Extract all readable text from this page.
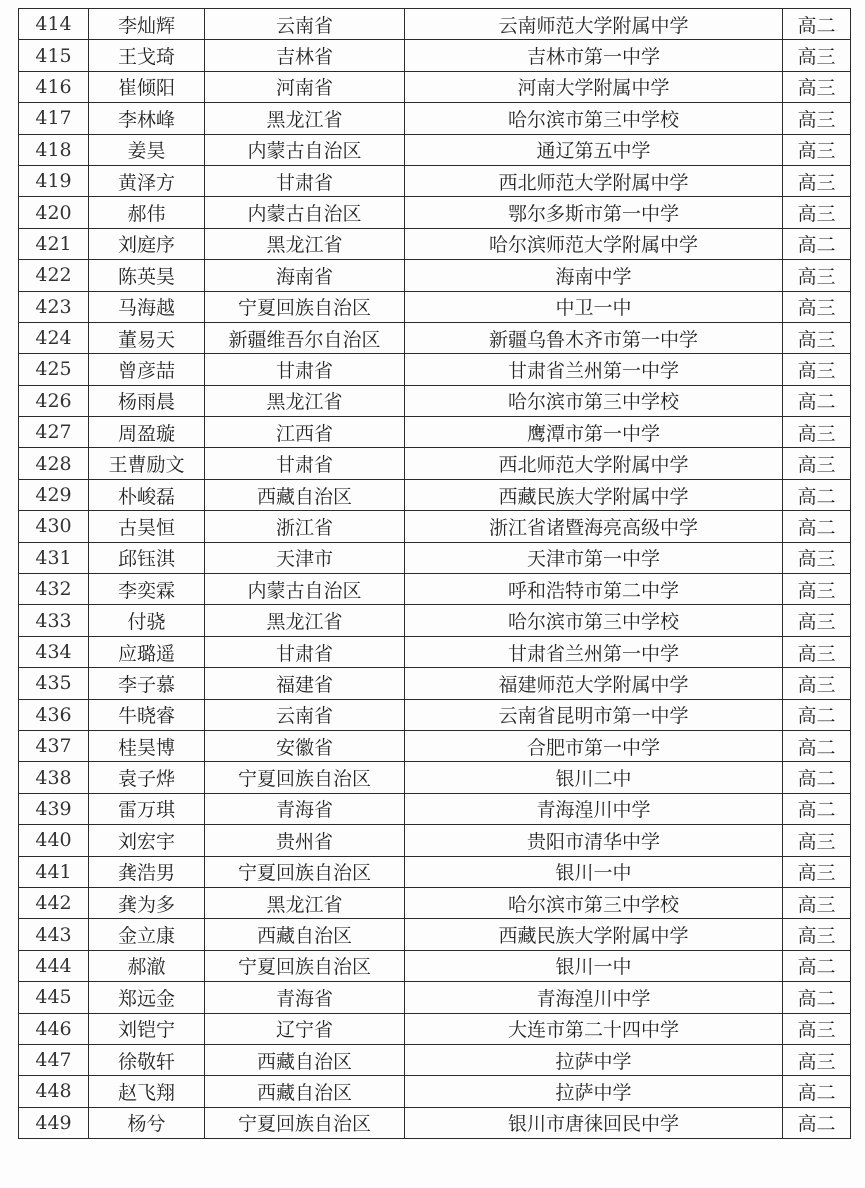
414	李灿辉	云南省	云南师范大学附属中学	高二
415	王戈琦	吉林省	吉林市第一中学	高三
416	崔倾阳	河南省	河南大学附属中学	高三
417	李林峰	黑龙江省	哈尔滨市第三中学校	高三
418	姜昊	内蒙古自治区	通辽第五中学	高三
419	黄泽方	甘肃省	西北师范大学附属中学	高三
420	郝伟	内蒙古自治区	鄂尔多斯市第一中学	高三
421	刘庭序	黑龙江省	哈尔滨师范大学附属中学	高二
422	陈英昊	海南省	海南中学	高三
423	马海越	宁夏回族自治区	中卫一中	高三
424	董易天	新疆维吾尔自治区	新疆乌鲁木齐市第一中学	高三
425	曾彦喆	甘肃省	甘肃省兰州第一中学	高三
426	杨雨晨	黑龙江省	哈尔滨市第三中学校	高二
427	周盈璇	江西省	鹰潭市第一中学	高三
428	王曹励文	甘肃省	西北师范大学附属中学	高三
429	朴峻磊	西藏自治区	西藏民族大学附属中学	高二
430	古昊恒	浙江省	浙江省诸暨海亮高级中学	高二
431	邱钰淇	天津市	天津市第一中学	高三
432	李奕霖	内蒙古自治区	呼和浩特市第二中学	高三
433	付骁	黑龙江省	哈尔滨市第三中学校	高三
434	应璐遥	甘肃省	甘肃省兰州第一中学	高三
435	李子慕	福建省	福建师范大学附属中学	高三
436	牛晓睿	云南省	云南省昆明市第一中学	高二
437	桂昊博	安徽省	合肥市第一中学	高二
438	袁子烨	宁夏回族自治区	银川二中	高二
439	雷万琪	青海省	青海湟川中学	高二
440	刘宏宇	贵州省	贵阳市清华中学	高三
441	龚浩男	宁夏回族自治区	银川一中	高三
442	龚为多	黑龙江省	哈尔滨市第三中学校	高三
443	金立康	西藏自治区	西藏民族大学附属中学	高三
444	郝澈	宁夏回族自治区	银川一中	高二
445	郑远金	青海省	青海湟川中学	高二
446	刘铠宁	辽宁省	大连市第二十四中学	高三
447	徐敬轩	西藏自治区	拉萨中学	高三
448	赵飞翔	西藏自治区	拉萨中学	高二
449	杨兮	宁夏回族自治区	银川市唐徕回民中学	高二
